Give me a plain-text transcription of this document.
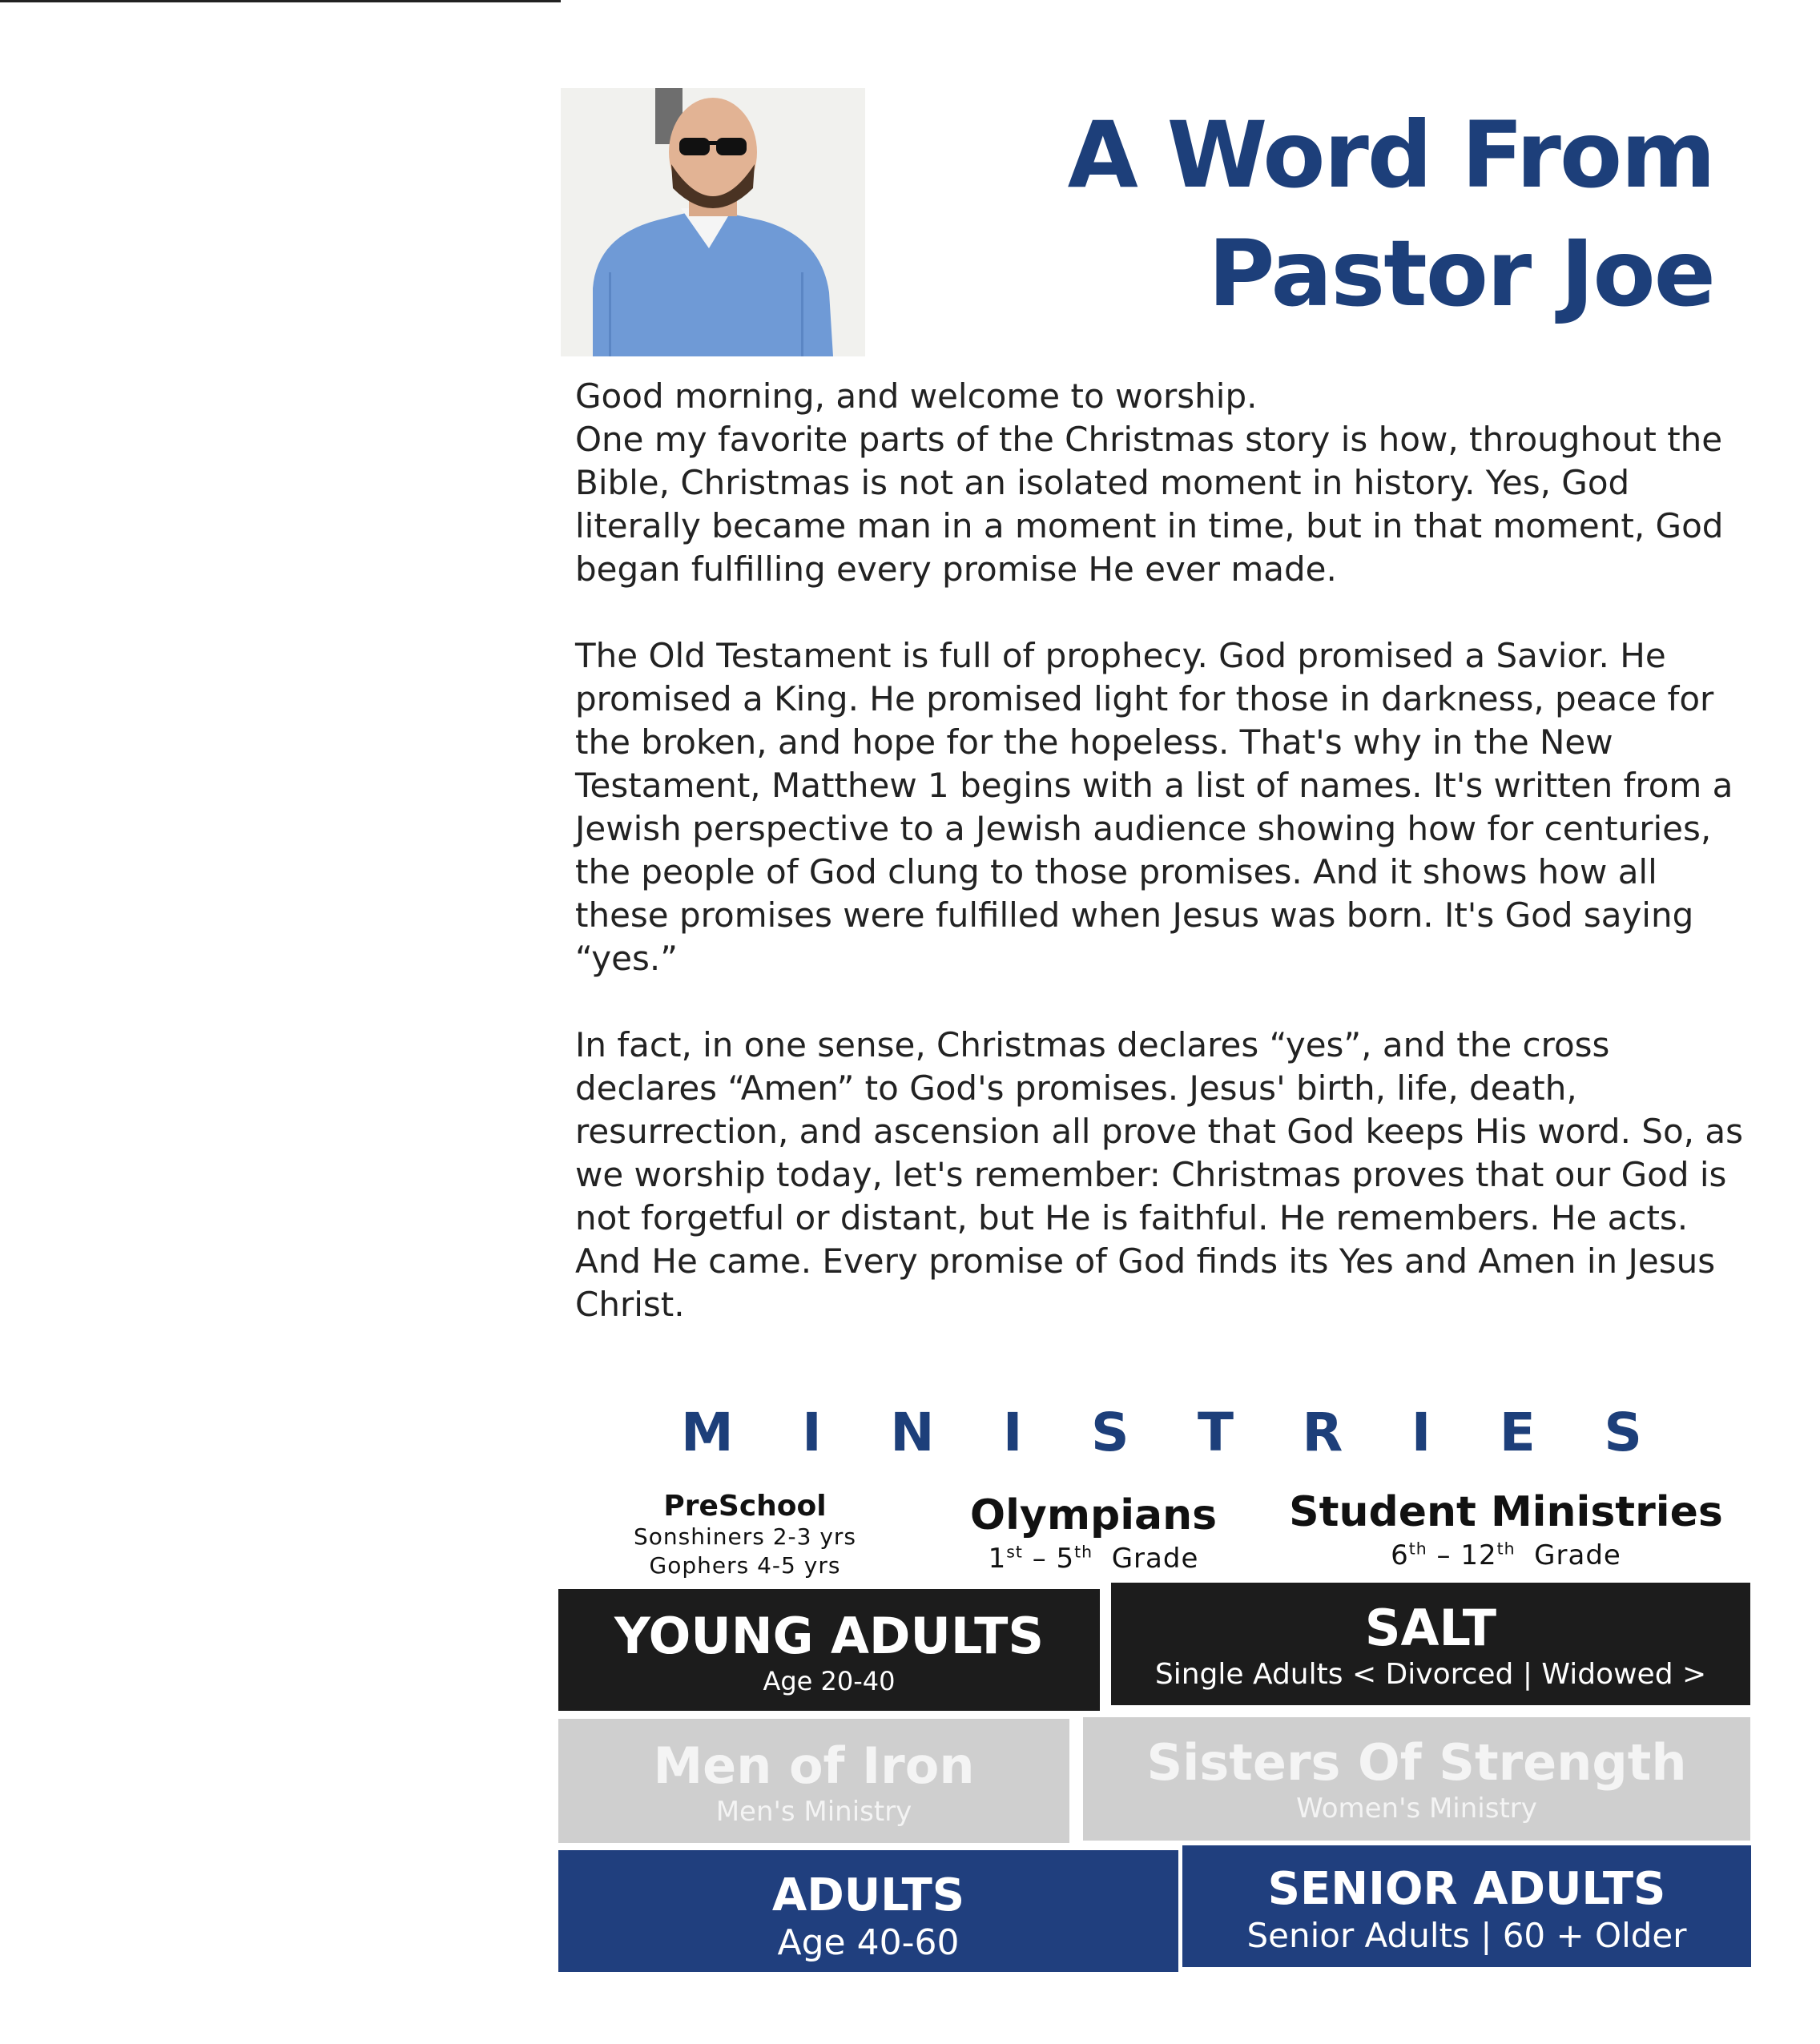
A Word From
Pastor Joe

Good morning, and welcome to worship.

One my favorite parts of the Christmas story is how, throughout the Bible, Christmas is not an isolated moment in history. Yes, God literally became man in a moment in time, but in that moment, God began fulfilling every promise He ever made.

The Old Testament is full of prophecy. God promised a Savior. He promised a King. He promised light for those in darkness, peace for the broken, and hope for the hopeless. That's why in the New Testament, Matthew 1 begins with a list of names. It's written from a Jewish perspective to a Jewish audience showing how for centuries, the people of God clung to those promises. And it shows how all these promises were fulfilled when Jesus was born. It's God saying “yes.”

In fact, in one sense, Christmas declares “yes”, and the cross declares “Amen” to God's promises. Jesus' birth, life, death, resurrection, and ascension all prove that God keeps His word. So, as we worship today, let's remember: Christmas proves that our God is not forgetful or distant, but He is faithful. He remembers. He acts. And He came. Every promise of God finds its Yes and Amen in Jesus Christ.

M I N I S T R I E S
PreSchool
Sonshiners 2-3 yrs
Gophers 4-5 yrs
Olympians
1st – 5th Grade
Student Ministries
6th – 12th Grade
YOUNG ADULTS
Age 20-40
SALT
Single Adults < Divorced | Widowed >
Men of Iron
Men's Ministry
Sisters Of Strength
Women's Ministry
ADULTS
Age 40-60
SENIOR ADULTS
Senior Adults | 60 + Older
